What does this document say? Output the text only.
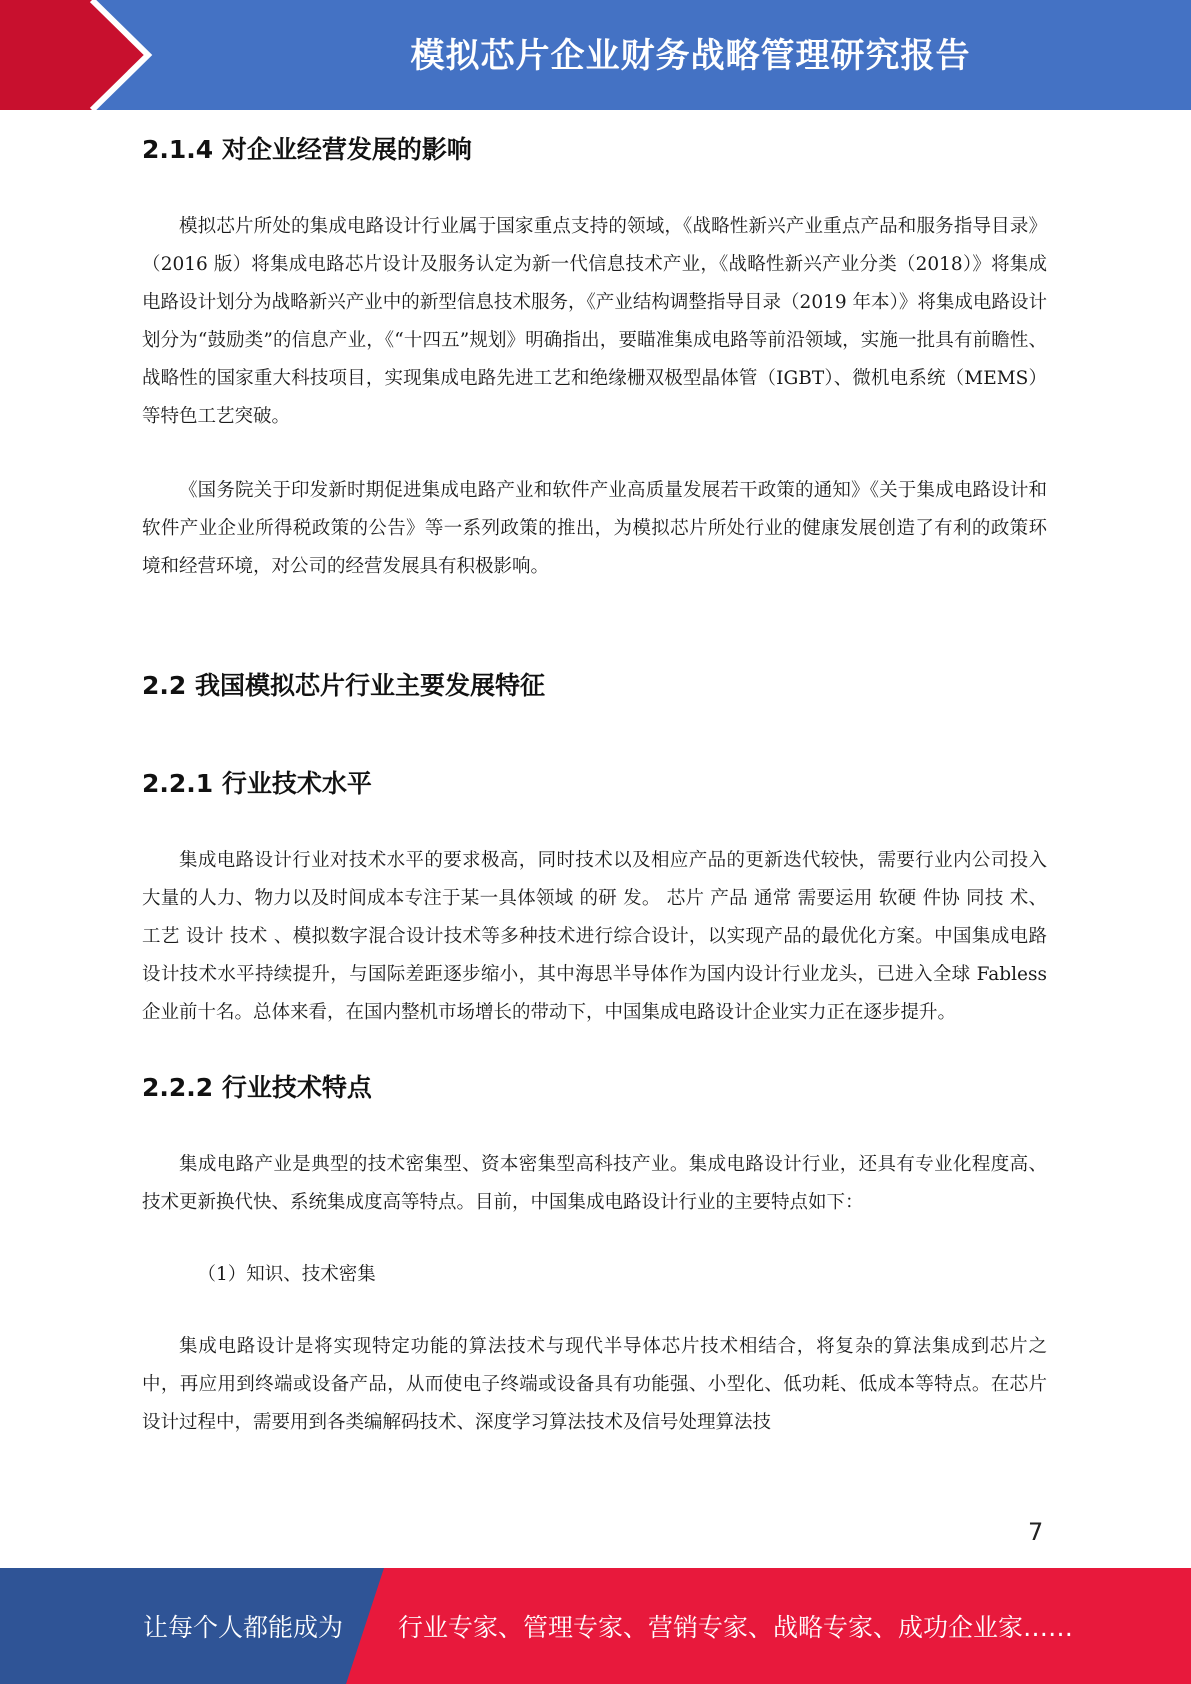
模拟芯片企业财务战略管理研究报告
2.1.4 对企业经营发展的影响

模拟芯片所处的集成电路设计行业属于国家重点支持的领域，《战略性新兴产业重点产品和服务指导目录》（2016 版）将集成电路芯片设计及服务认定为新一代信息技术产业，《战略性新兴产业分类（2018）》将集成电路设计划分为战略新兴产业中的新型信息技术服务，《产业结构调整指导目录（2019 年本）》将集成电路设计划分为“鼓励类”的信息产业，《“十四五”规划》明确指出，要瞄准集成电路等前沿领域，实施一批具有前瞻性、战略性的国家重大科技项目，实现集成电路先进工艺和绝缘栅双极型晶体管（IGBT）、微机电系统（MEMS）等特色工艺突破。

《国务院关于印发新时期促进集成电路产业和软件产业高质量发展若干政策的通知》《关于集成电路设计和软件产业企业所得税政策的公告》等一系列政策的推出，为模拟芯片所处行业的健康发展创造了有利的政策环境和经营环境，对公司的经营发展具有积极影响。

2.2 我国模拟芯片行业主要发展特征
2.2.1 行业技术水平

集成电路设计行业对技术水平的要求极高，同时技术以及相应产品的更新迭代较快，需要行业内公司投入大量的人力、物力以及时间成本专注于某一具体领域 的研 发。 芯片 产品 通常 需要运用 软硬 件协 同技 术、 工艺 设计 技术 、模拟数字混合设计技术等多种技术进行综合设计，以实现产品的最优化方案。中国集成电路设计技术水平持续提升，与国际差距逐步缩小，其中海思半导体作为国内设计行业龙头，已进入全球 Fabless 企业前十名。总体来看，在国内整机市场增长的带动下，中国集成电路设计企业实力正在逐步提升。

2.2.2 行业技术特点

集成电路产业是典型的技术密集型、资本密集型高科技产业。集成电路设计行业，还具有专业化程度高、技术更新换代快、系统集成度高等特点。目前，中国集成电路设计行业的主要特点如下：

（1）知识、技术密集

集成电路设计是将实现特定功能的算法技术与现代半导体芯片技术相结合，将复杂的算法集成到芯片之中，再应用到终端或设备产品，从而使电子终端或设备具有功能强、小型化、低功耗、低成本等特点。在芯片设计过程中，需要用到各类编解码技术、深度学习算法技术及信号处理算法技

7
让每个人都能成为 行业专家、管理专家、营销专家、战略专家、成功企业家……
